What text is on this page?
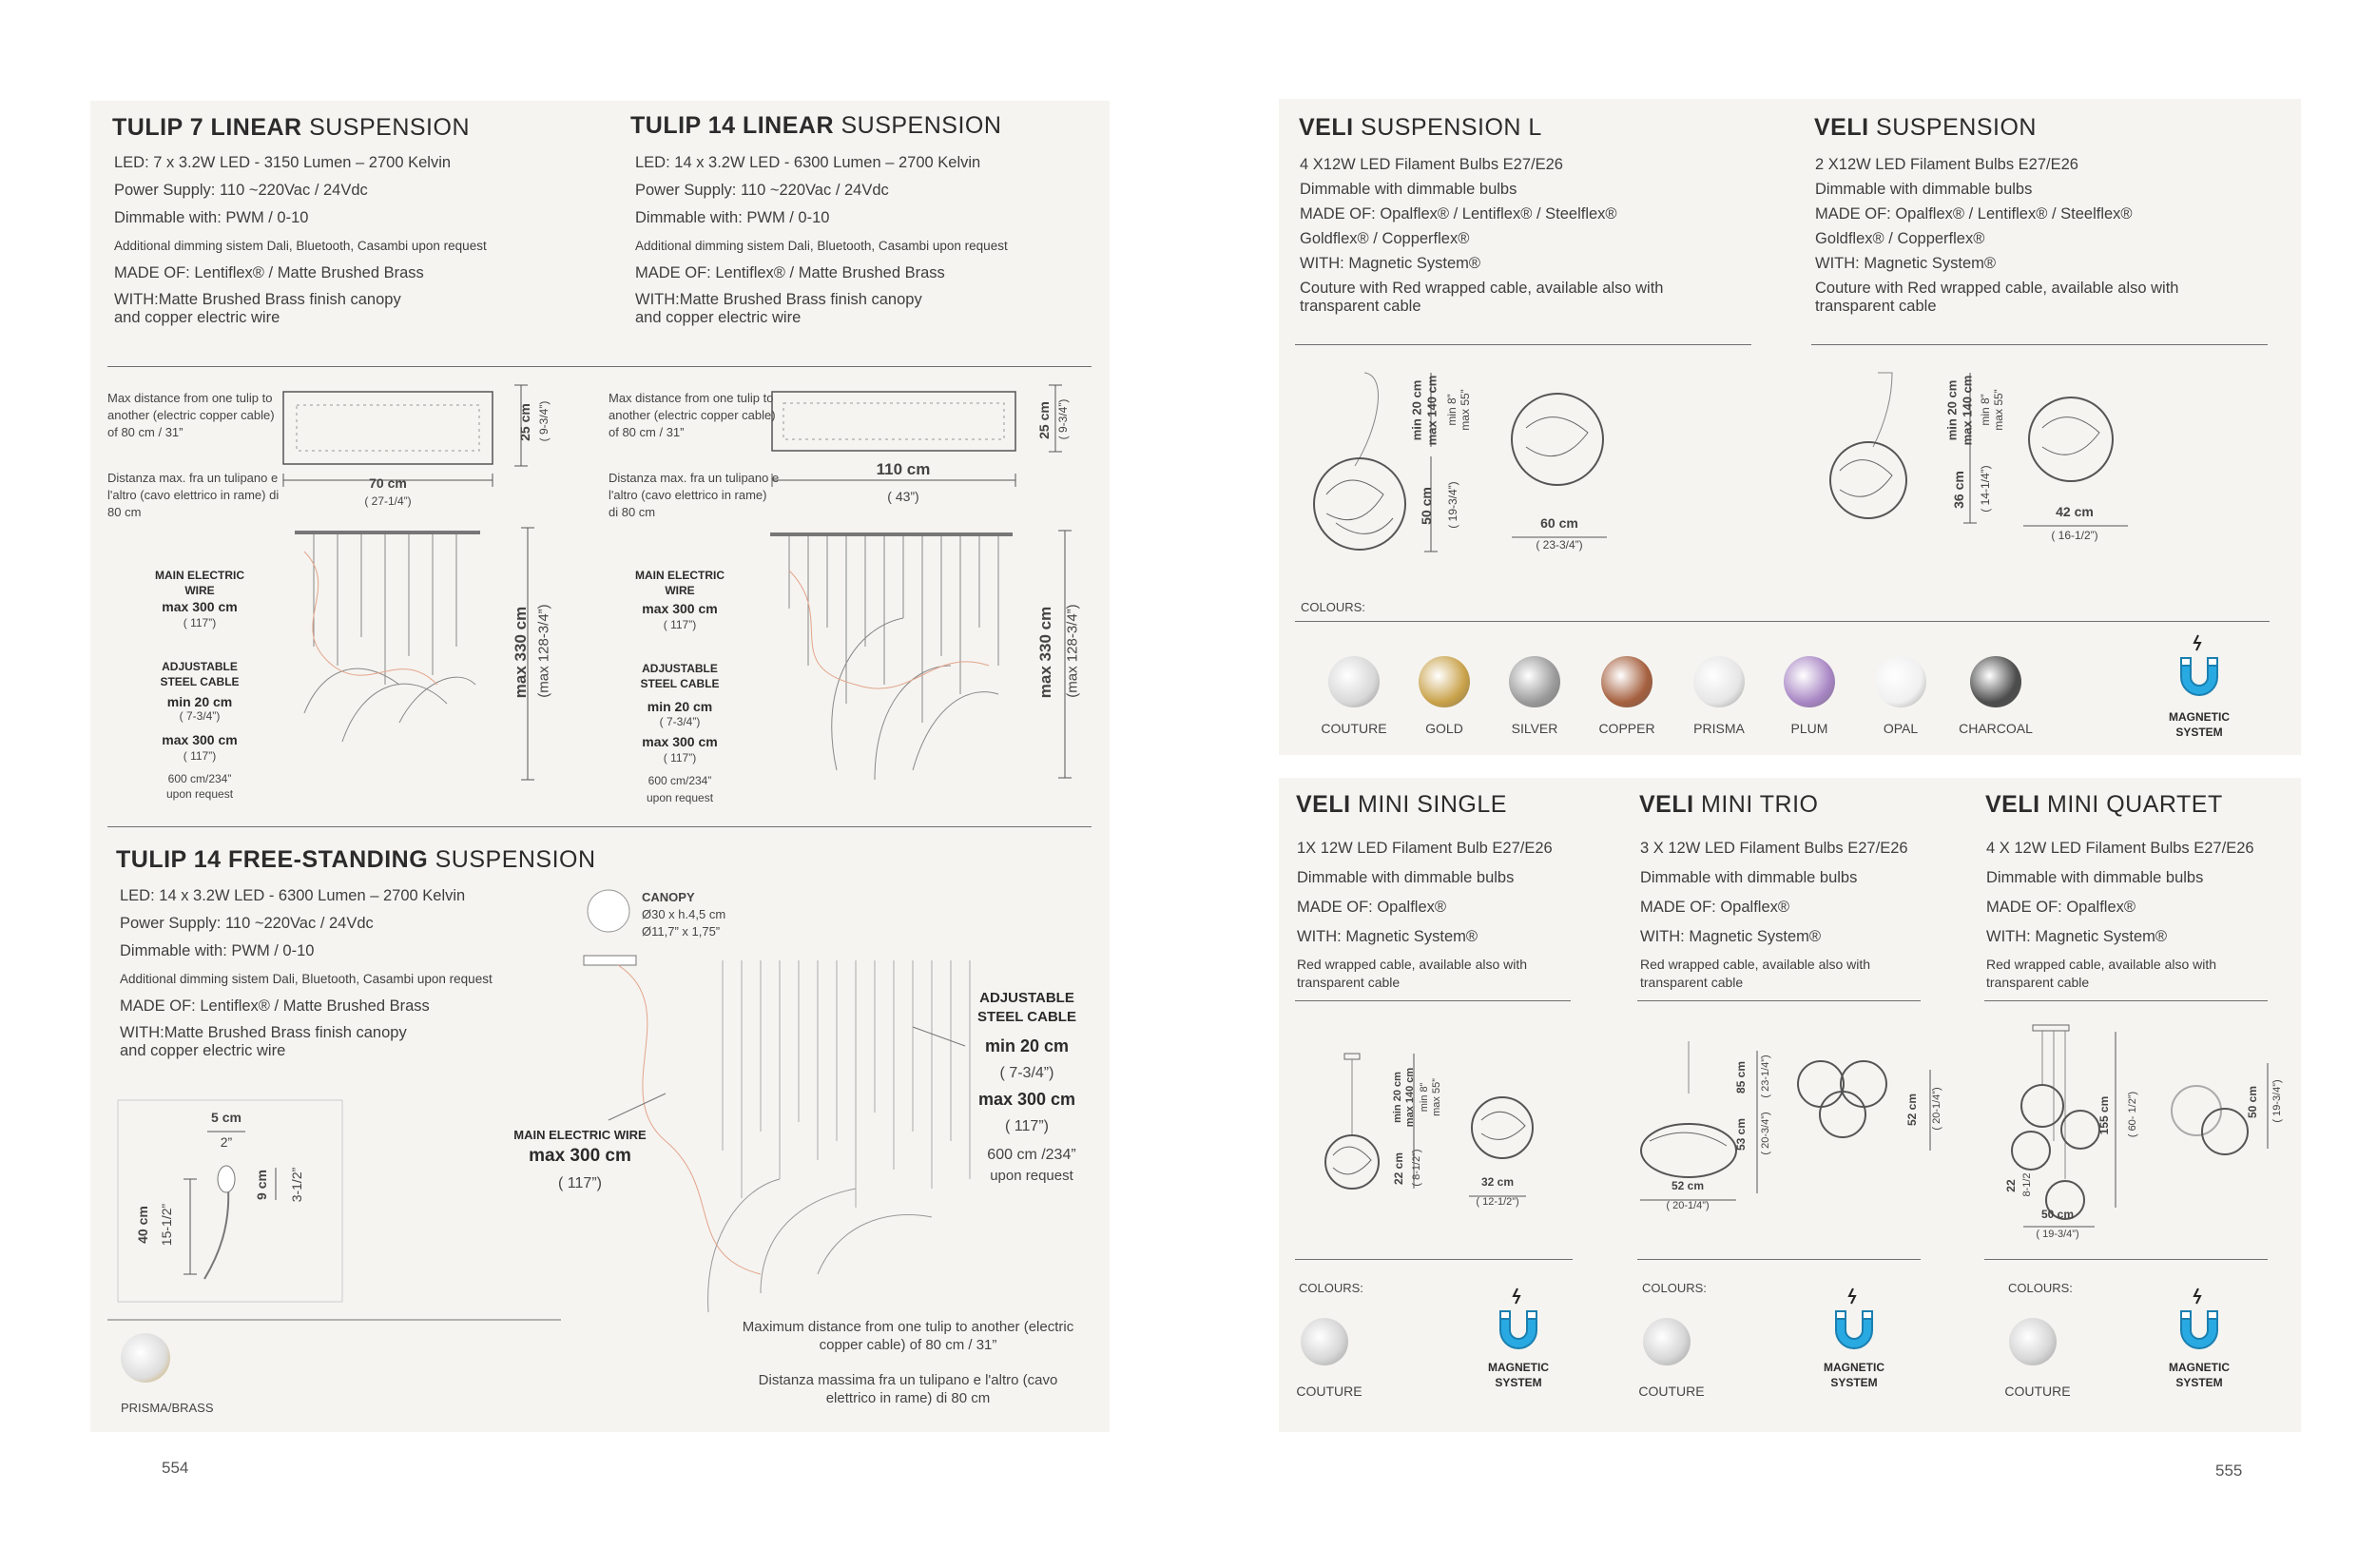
TULIP 7 LINEAR SUSPENSION
LED: 7 x 3.2W LED - 3150 Lumen – 2700 Kelvin
Power Supply: 110 ~220Vac / 24Vdc
Dimmable with: PWM / 0-10
Additional dimming sistem Dali, Bluetooth, Casambi upon request
MADE OF: Lentiflex® / Matte Brushed Brass
WITH:Matte Brushed Brass finish canopy and copper electric wire
TULIP 14 LINEAR SUSPENSION
LED: 14 x 3.2W LED - 6300 Lumen – 2700 Kelvin
Power Supply: 110 ~220Vac / 24Vdc
Dimmable with: PWM / 0-10
Additional dimming sistem Dali, Bluetooth, Casambi upon request
MADE OF: Lentiflex® / Matte Brushed Brass
WITH:Matte Brushed Brass finish canopy and copper electric wire
Max distance from one tulip to another (electric copper cable) of 80 cm / 31”
Distanza max. fra un tulipano e l'altro (cavo elettrico in rame) di 80 cm
MAIN ELECTRIC WIRE
max 300 cm
( 117”)
ADJUSTABLE STEEL CABLE
min 20 cm
( 7-3/4”)
max 300 cm
( 117”)
600 cm/234”
upon request
70 cm
( 27-1/4”)
25 cm ( 9-3/4”)
max 330 cm (max 128-3/4”)
Max distance from one tulip to another (electric copper cable) of 80 cm / 31”
Distanza max. fra un tulipano e l'altro (cavo elettrico in rame) di 80 cm
MAIN ELECTRIC WIRE
max 300 cm
( 117”)
ADJUSTABLE STEEL CABLE
min 20 cm
( 7-3/4”)
max 300 cm
( 117”)
600 cm/234”
upon request
110 cm
( 43”)
25 cm ( 9-3/4”)
max 330 cm (max 128-3/4”)
TULIP 14 FREE-STANDING SUSPENSION
LED: 14 x 3.2W LED - 6300 Lumen – 2700 Kelvin
Power Supply: 110 ~220Vac / 24Vdc
Dimmable with: PWM / 0-10
Additional dimming sistem Dali, Bluetooth, Casambi upon request
MADE OF: Lentiflex® / Matte Brushed Brass
WITH:Matte Brushed Brass finish canopy and copper electric wire
5 cm
2”
40 cm 15-1/2”
9 cm 3-1/2”
PRISMA/BRASS
CANOPY
Ø30 x h.4,5 cm
Ø11,7” x 1,75”
MAIN ELECTRIC WIRE
max 300 cm
( 117”)
ADJUSTABLE STEEL CABLE
min 20 cm
( 7-3/4”)
max 300 cm
( 117”)
600 cm /234”
upon request
Maximum distance from one tulip to another (electric copper cable) of 80 cm / 31”
Distanza massima fra un tulipano e l'altro (cavo elettrico in rame) di 80 cm
554
VELI SUSPENSION L
4 X12W LED Filament Bulbs E27/E26
Dimmable with dimmable bulbs
MADE OF: Opalflex® / Lentiflex® / Steelflex®
Goldflex® / Copperflex®
WITH: Magnetic System®
Couture with Red wrapped cable, available also with transparent cable
VELI SUSPENSION
2 X12W LED Filament Bulbs E27/E26
Dimmable with dimmable bulbs
MADE OF: Opalflex® / Lentiflex® / Steelflex®
Goldflex® / Copperflex®
WITH: Magnetic System®
Couture with Red wrapped cable, available also with transparent cable
min 20 cm max 140 cm min 8” max 55”
50 cm ( 19-3/4”)	60 cm
( 23-3/4”)
min 20 cm max 140 cm min 8” max 55”
36 cm ( 14-1/4”)	42 cm
( 16-1/2”)
COLOURS:
COUTURE	GOLD	SILVER	COPPER	PRISMA	PLUM	OPAL	CHARCOAL
MAGNETIC SYSTEM
VELI MINI SINGLE
1X 12W LED Filament Bulb E27/E26
Dimmable with dimmable bulbs
MADE OF: Opalflex®
WITH: Magnetic System®
Red wrapped cable, available also with transparent cable
VELI MINI TRIO
3 X 12W LED Filament Bulbs E27/E26
Dimmable with dimmable bulbs
MADE OF: Opalflex®
WITH: Magnetic System®
Red wrapped cable, available also with transparent cable
VELI MINI QUARTET
4 X 12W LED Filament Bulbs E27/E26
Dimmable with dimmable bulbs
MADE OF: Opalflex®
WITH: Magnetic System®
Red wrapped cable, available also with transparent cable
min 20 cm max 140 cm min 8” max 55”
22 cm ( 8-1/2”)	32 cm
( 12-1/2”)
85 cm ( 23-1/4”)
53 cm ( 20-3/4”)
52 cm
( 20-1/4”)
52 cm ( 20-1/4”)	155 cm ( 60- 1/2”)
22 8-1/2
50 cm
( 19-3/4”)
50 cm ( 19-3/4”)
COLOURS:	COLOURS:	COLOURS:
COUTURE	COUTURE	COUTURE
MAGNETIC SYSTEM
MAGNETIC SYSTEM
MAGNETIC SYSTEM
555
